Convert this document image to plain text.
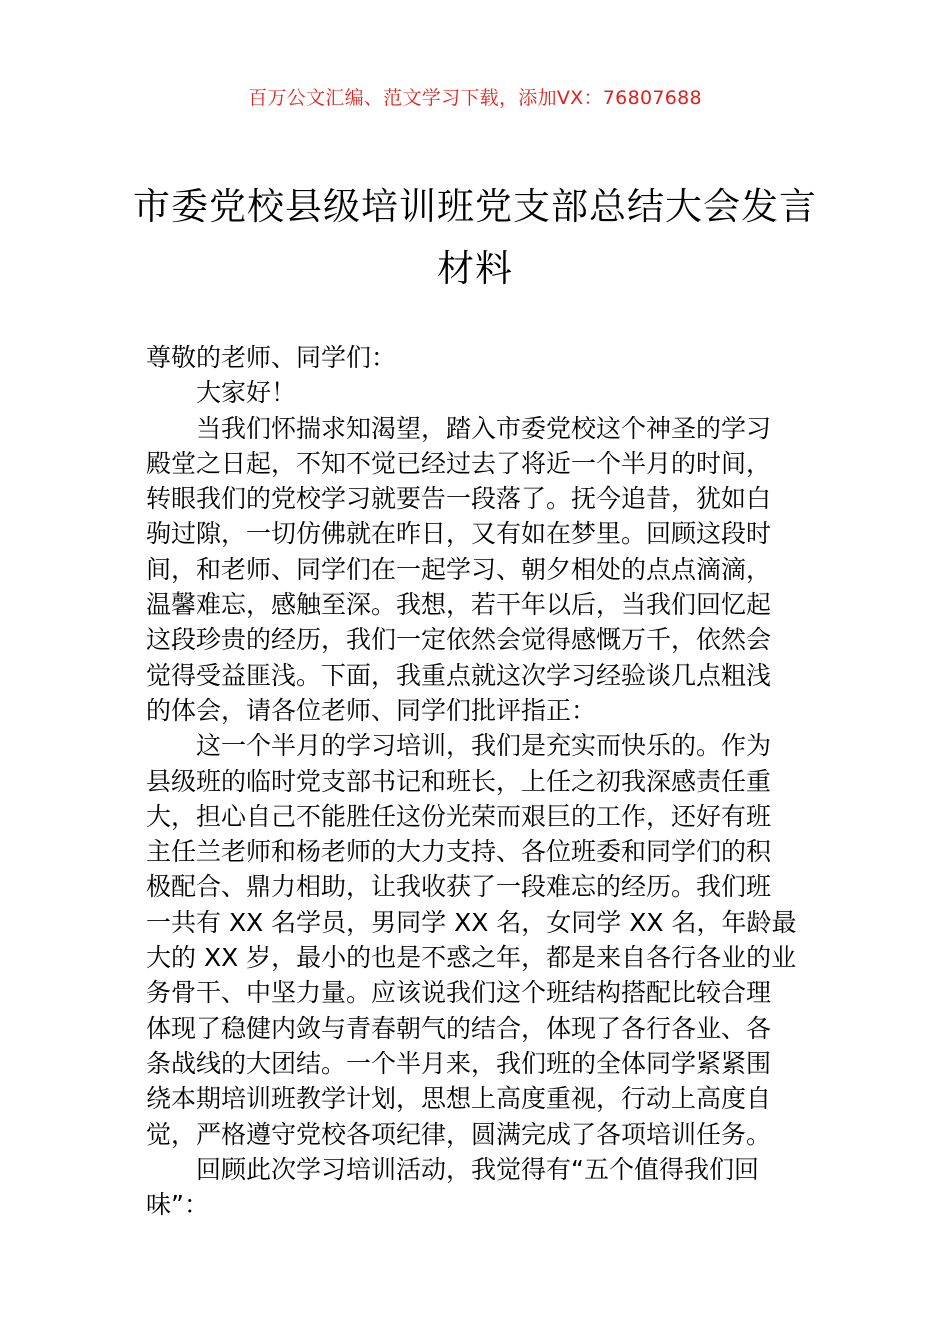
百万公文汇编、范文学习下载，添加VX：76807688
市委党校县级培训班党支部总结大会发言
材料

尊敬的老师、同学们：

大家好！

当我们怀揣求知渴望，踏入市委党校这个神圣的学习
殿堂之日起，不知不觉已经过去了将近一个半月的时间，
转眼我们的党校学习就要告一段落了。抚今追昔，犹如白
驹过隙，一切仿佛就在昨日，又有如在梦里。回顾这段时
间，和老师、同学们在一起学习、朝夕相处的点点滴滴，
温馨难忘，感触至深。我想，若干年以后，当我们回忆起
这段珍贵的经历，我们一定依然会觉得感慨万千，依然会
觉得受益匪浅。下面，我重点就这次学习经验谈几点粗浅
的体会，请各位老师、同学们批评指正：

这一个半月的学习培训，我们是充实而快乐的。作为
县级班的临时党支部书记和班长，上任之初我深感责任重
大，担心自己不能胜任这份光荣而艰巨的工作，还好有班
主任兰老师和杨老师的大力支持、各位班委和同学们的积
极配合、鼎力相助，让我收获了一段难忘的经历。我们班
一共有 XX 名学员，男同学 XX 名，女同学 XX 名，年龄最
大的 XX 岁，最小的也是不惑之年，都是来自各行各业的业
务骨干、中坚力量。应该说我们这个班结构搭配比较合理
体现了稳健内敛与青春朝气的结合，体现了各行各业、各
条战线的大团结。一个半月来，我们班的全体同学紧紧围
绕本期培训班教学计划，思想上高度重视，行动上高度自
觉，严格遵守党校各项纪律，圆满完成了各项培训任务。

回顾此次学习培训活动，我觉得有“五个值得我们回
味”：
